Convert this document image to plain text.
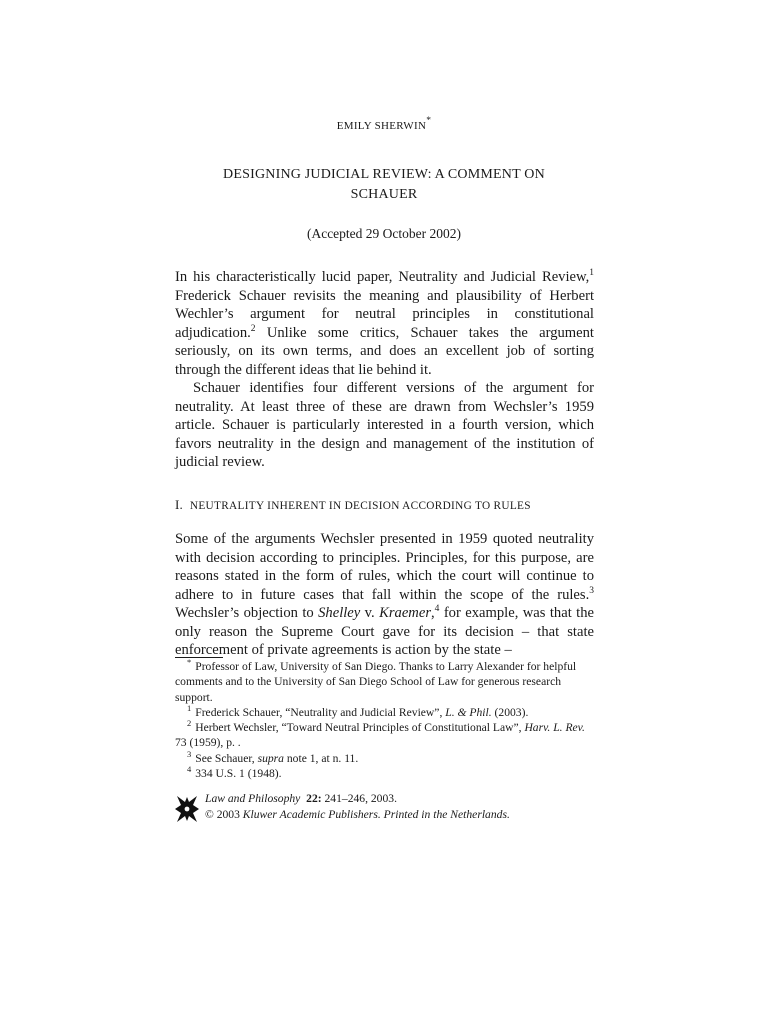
EMILY SHERWIN*
DESIGNING JUDICIAL REVIEW: A COMMENT ON
SCHAUER
(Accepted 29 October 2002)

In his characteristically lucid paper, Neutrality and Judicial Review,$^1$ Frederick Schauer revisits the meaning and plausibility of Herbert Wechler’s argument for neutral principles in constitutional adjudication.$^2$ Unlike some critics, Schauer takes the argument seriously, on its own terms, and does an excellent job of sorting through the different ideas that lie behind it.

Schauer identifies four different versions of the argument for neutrality. At least three of these are drawn from Wechsler’s 1959 article. Schauer is particularly interested in a fourth version, which favors neutrality in the design and management of the institution of judicial review.

I. NEUTRALITY INHERENT IN DECISION ACCORDING TO RULES

Some of the arguments Wechsler presented in 1959 quoted neutrality with decision according to principles. Principles, for this purpose, are reasons stated in the form of rules, which the court will continue to adhere to in future cases that fall within the scope of the rules.$^3$ Wechsler’s objection to Shelley v. Kraemer,$^4$ for example, was that the only reason the Supreme Court gave for its decision – that state enforcement of private agreements is action by the state –

* Professor of Law, University of San Diego. Thanks to Larry Alexander for helpful comments and to the University of San Diego School of Law for generous research support.

$^1$ Frederick Schauer, “Neutrality and Judicial Review”, L. & Phil. (2003).

$^2$ Herbert Wechsler, “Toward Neutral Principles of Constitutional Law”, Harv. L. Rev. 73 (1959), p. .

$^3$ See Schauer, supra note 1, at n. 11.

$^4$ 334 U.S. 1 (1948).

Law and Philosophy 22: 241–246, 2003.
© 2003 Kluwer Academic Publishers. Printed in the Netherlands.
